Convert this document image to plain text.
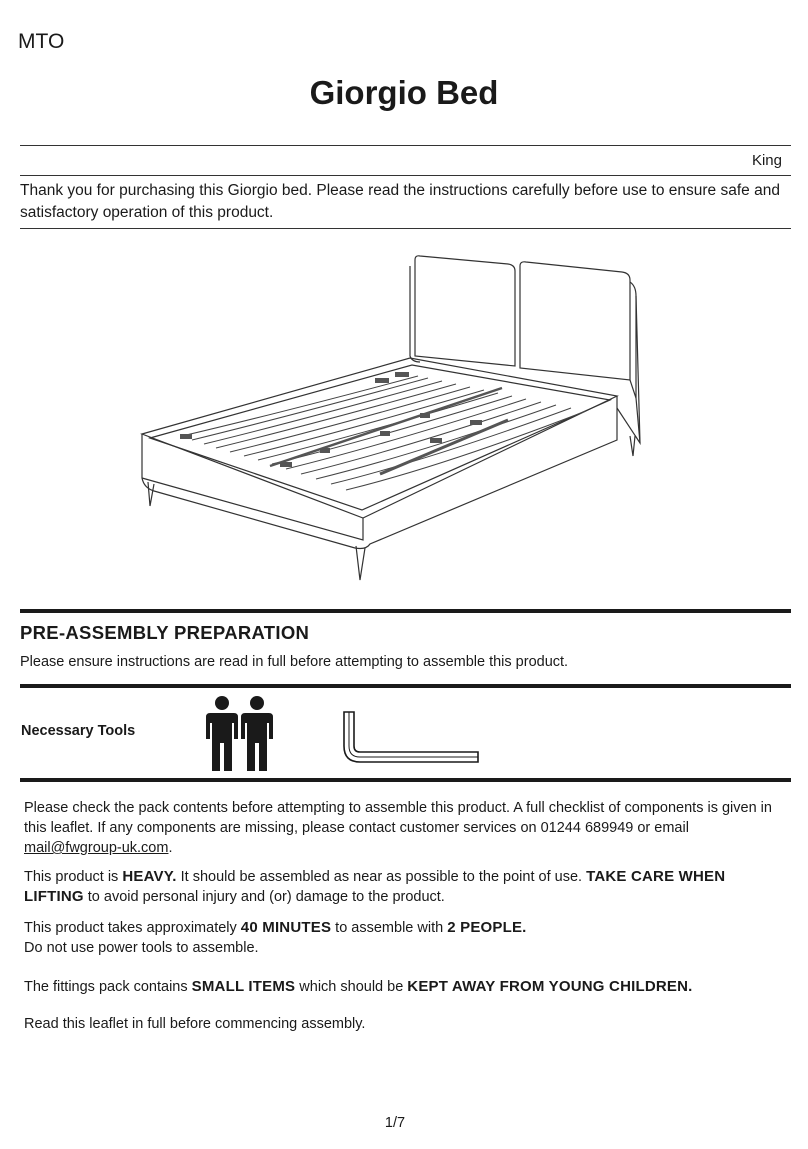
MTO
Giorgio Bed
King
Thank you for purchasing this Giorgio bed. Please read the instructions carefully before use to ensure safe and satisfactory operation of this product.
PRE-ASSEMBLY PREPARATION
Please ensure instructions are read in full before attempting to assemble this product.
Necessary Tools
Please check the pack contents before attempting to assemble this product. A full checklist of components is given in this leaflet. If any components are missing, please contact customer services on 01244 689949 or email mail@fwgroup-uk.com.
This product is HEAVY. It should be assembled as near as possible to the point of use. TAKE CARE WHEN LIFTING to avoid personal injury and (or) damage to the product.
This product takes approximately 40 MINUTES to assemble with 2 PEOPLE.
Do not use power tools to assemble.
The fittings pack contains SMALL ITEMS which should be KEPT AWAY FROM YOUNG CHILDREN.
Read this leaflet in full before commencing assembly.
1/7
